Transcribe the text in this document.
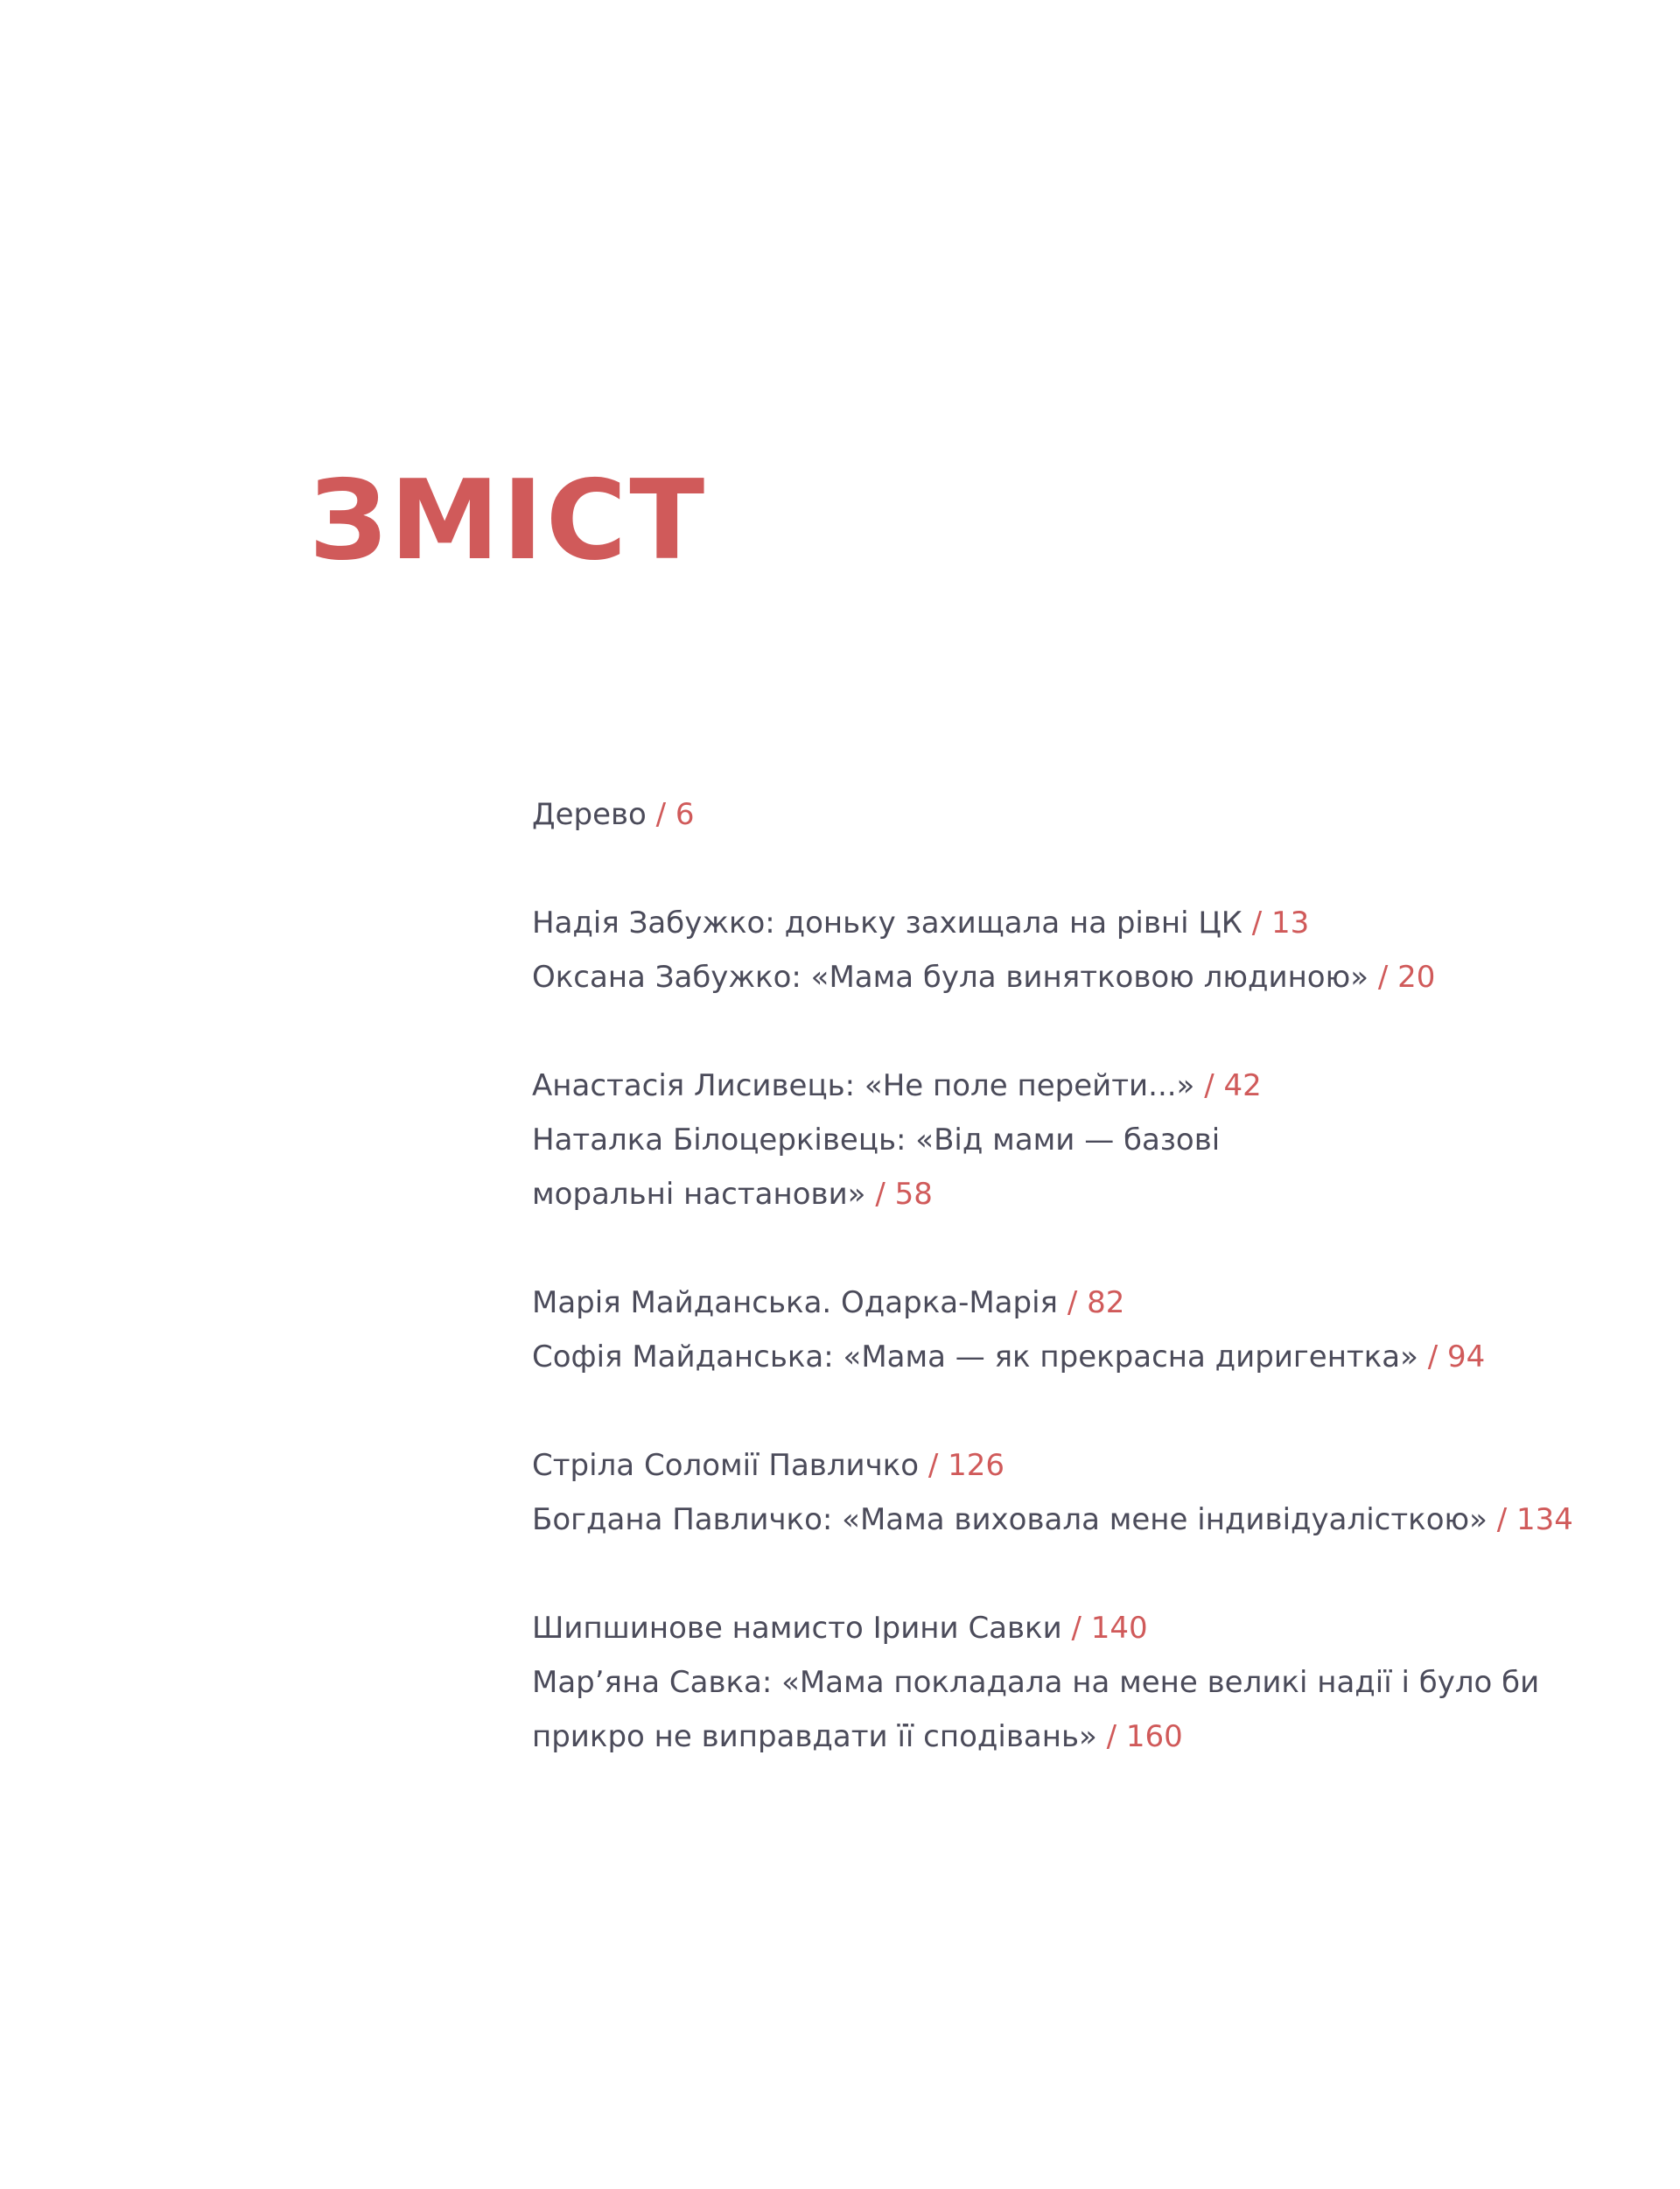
ЗМІСТ
Дерево / 6
Надія Забужко: доньку захищала на рівні ЦК / 13
Оксана Забужко: «Мама була винятковою людиною» / 20
Анастасія Лисивець: «Не поле перейти...» / 42
Наталка Білоцерківець: «Від мами — базові
моральні настанови» / 58
Марія Майданська. Одарка-Марія / 82
Софія Майданська: «Мама — як прекрасна диригентка» / 94
Стріла Соломії Павличко / 126
Богдана Павличко: «Мама виховала мене індивідуалісткою» / 134
Шипшинове намисто Ірини Савки / 140
Мар’яна Савка: «Мама покладала на мене великі надії і було би
прикро не виправдати її сподівань» / 160
